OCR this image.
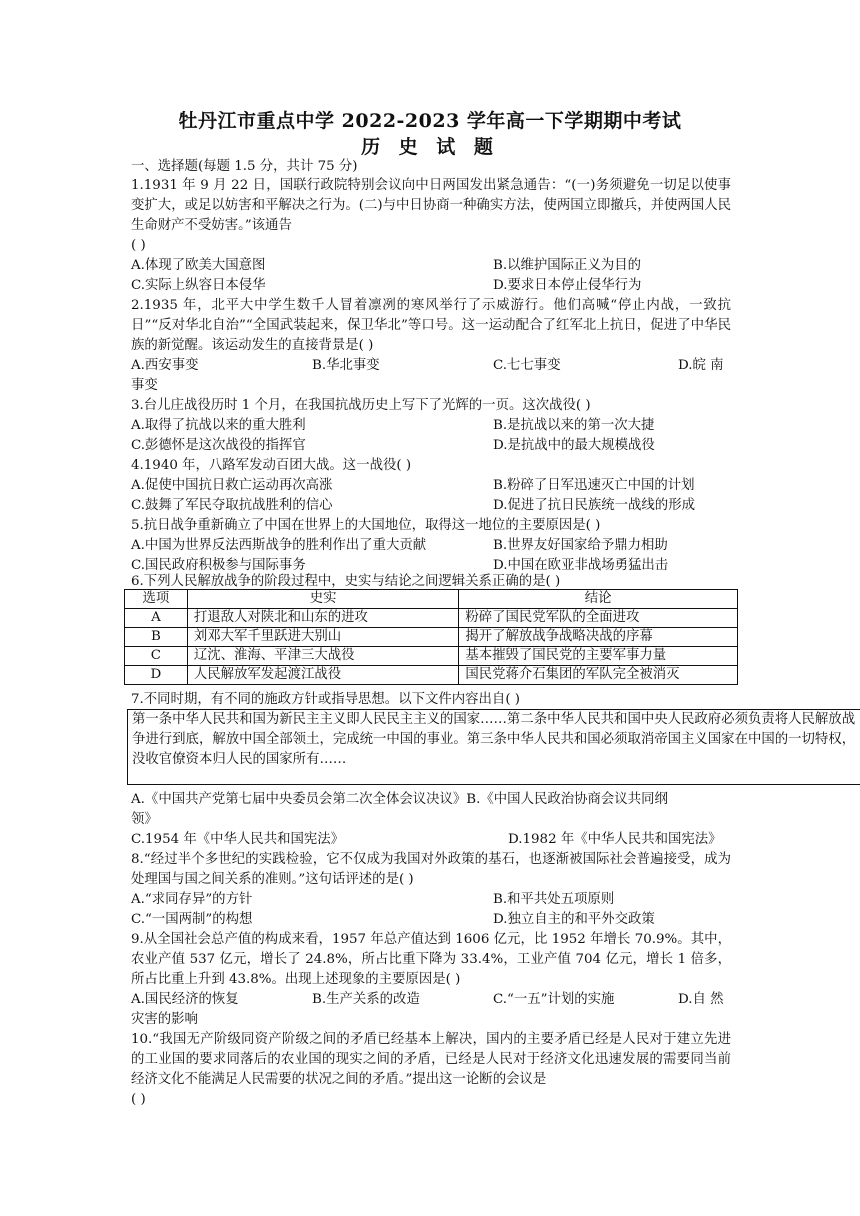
牡丹江市重点中学 2022-2023 学年高一下学期期中考试
历 史 试 题
一、选择题(每题 1.5 分，共计 75 分)
1.1931 年 9 月 22 日，国联行政院特别会议向中日两国发出紧急通告：“(一)务须避免一切足以使事变扩大，或足以妨害和平解决之行为。(二)与中日协商一种确实方法，使两国立即撤兵，并使两国人民生命财产不受妨害。”该通告
( )
A.体现了欧美大国意图	B.以维护国际正义为目的
C.实际上纵容日本侵华	D.要求日本停止侵华行为
2.1935 年，北平大中学生数千人冒着凛冽的寒风举行了示威游行。他们高喊“停止内战，一致抗日”“反对华北自治”“全国武装起来，保卫华北”等口号。这一运动配合了红军北上抗日，促进了中华民族的新觉醒。该运动发生的直接背景是( )
A.西安事变	B.华北事变	C.七七事变	D.皖 南
事变
3.台儿庄战役历时 1 个月，在我国抗战历史上写下了光辉的一页。这次战役( )
A.取得了抗战以来的重大胜利	B.是抗战以来的第一次大捷
C.彭德怀是这次战役的指挥官	D.是抗战中的最大规模战役
4.1940 年，八路军发动百团大战。这一战役( )
A.促使中国抗日救亡运动再次高涨	B.粉碎了日军迅速灭亡中国的计划
C.鼓舞了军民夺取抗战胜利的信心	D.促进了抗日民族统一战线的形成
5.抗日战争重新确立了中国在世界上的大国地位，取得这一地位的主要原因是( )
A.中国为世界反法西斯战争的胜利作出了重大贡献	B.世界友好国家给予鼎力相助
C.国民政府积极参与国际事务	D.中国在欧亚非战场勇猛出击
6.下列人民解放战争的阶段过程中，史实与结论之间逻辑关系正确的是( )
选项	史实	结论
A	打退敌人对陕北和山东的进攻	粉碎了国民党军队的全面进攻
B	刘邓大军千里跃进大别山	揭开了解放战争战略决战的序幕
C	辽沈、淮海、平津三大战役	基本摧毁了国民党的主要军事力量
D	人民解放军发起渡江战役	国民党蒋介石集团的军队完全被消灭
7.不同时期，有不同的施政方针或指导思想。以下文件内容出自( )
第一条中华人民共和国为新民主主义即人民民主主义的国家……第二条中华人民共和国中央人民政府必须负责将人民解放战争进行到底，解放中国全部领土，完成统一中国的事业。第三条中华人民共和国必须取消帝国主义国家在中国的一切特权，没收官僚资本归人民的国家所有……
A.《中国共产党第七届中央委员会第二次全体会议决议》B.《中国人民政治协商会议共同纲
领》
C.1954 年《中华人民共和国宪法》	D.1982 年《中华人民共和国宪法》
8.“经过半个多世纪的实践检验，它不仅成为我国对外政策的基石，也逐渐被国际社会普遍接受，成为处理国与国之间关系的准则。”这句话评述的是( )
A.“求同存异”的方针	B.和平共处五项原则
C.“一国两制”的构想	D.独立自主的和平外交政策
9.从全国社会总产值的构成来看，1957 年总产值达到 1606 亿元，比 1952 年增长 70.9%。其中，农业产值 537 亿元，增长了 24.8%，所占比重下降为 33.4%，工业产值 704 亿元，增长 1 倍多，所占比重上升到 43.8%。出现上述现象的主要原因是( )
A.国民经济的恢复	B.生产关系的改造	C.“一五”计划的实施	D.自 然
灾害的影响
10.“我国无产阶级同资产阶级之间的矛盾已经基本上解决，国内的主要矛盾已经是人民对于建立先进的工业国的要求同落后的农业国的现实之间的矛盾，已经是人民对于经济文化迅速发展的需要同当前经济文化不能满足人民需要的状况之间的矛盾。”提出这一论断的会议是
( )
